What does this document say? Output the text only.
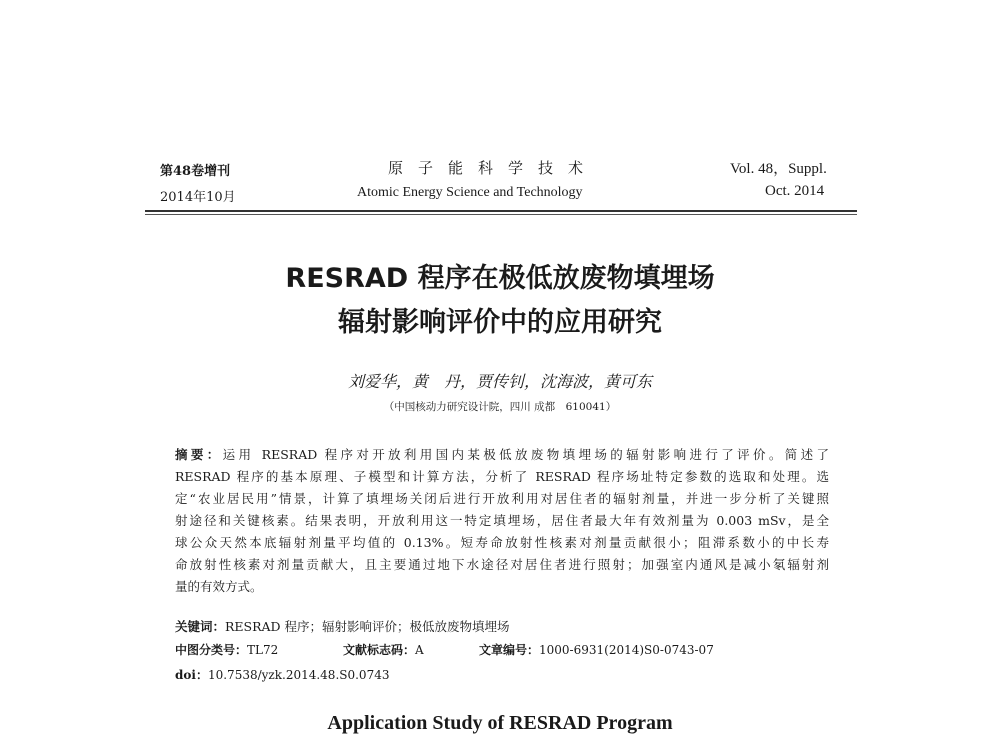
第48卷增刊
2014年10月
原子能科学技术
Atomic Energy Science and Technology
Vol. 48，Suppl.
Oct. 2014
RESRAD 程序在极低放废物填埋场
辐射影响评价中的应用研究
刘爱华，黄　丹，贾传钊，沈海波，黄可东
（中国核动力研究设计院，四川 成都　610041）
摘要：运用 RESRAD 程序对开放利用国内某极低放废物填埋场的辐射影响进行了评价。简述了
RESRAD 程序的基本原理、子模型和计算方法，分析了 RESRAD 程序场址特定参数的选取和处理。选
定“农业居民用”情景，计算了填埋场关闭后进行开放利用对居住者的辐射剂量，并进一步分析了关键照
射途径和关键核素。结果表明，开放利用这一特定填埋场，居住者最大年有效剂量为 0.003 mSv，是全
球公众天然本底辐射剂量平均值的 0.13%。短寿命放射性核素对剂量贡献很小；阻滞系数小的中长寿
命放射性核素对剂量贡献大，且主要通过地下水途径对居住者进行照射；加强室内通风是减小氡辐射剂
量的有效方式。
关键词：RESRAD 程序；辐射影响评价；极低放废物填埋场
中图分类号：TL72	文献标志码：A	文章编号：1000-6931(2014)S0-0743-07
doi：10.7538/yzk.2014.48.S0.0743
Application Study of RESRAD Program
